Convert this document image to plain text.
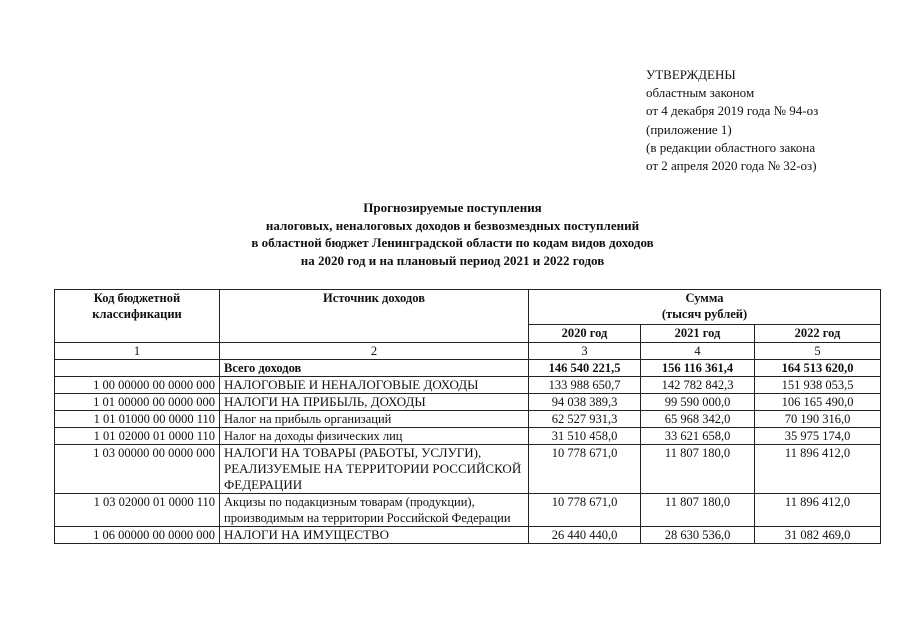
УТВЕРЖДЕНЫ
областным законом
от 4 декабря 2019 года № 94-оз
(приложение 1)
(в редакции областного закона
от 2 апреля 2020 года № 32-оз)
Прогнозируемые поступления
налоговых, неналоговых доходов и безвозмездных поступлений
в областной бюджет Ленинградской области по кодам видов доходов
на 2020 год и на плановый период 2021 и 2022 годов
Код бюджетной классификации	Источник доходов	Сумма
(тысяч рублей)		

		2020 год	2021 год	2022 год
1	2	3	4	5
	Всего доходов	146 540 221,5	156 116 361,4	164 513 620,0
1 00 00000 00 0000 000	НАЛОГОВЫЕ И НЕНАЛОГОВЫЕ ДОХОДЫ	133 988 650,7	142 782 842,3	151 938 053,5
1 01 00000 00 0000 000	НАЛОГИ НА ПРИБЫЛЬ, ДОХОДЫ	94 038 389,3	99 590 000,0	106 165 490,0
1 01 01000 00 0000 110	Налог на прибыль организаций	62 527 931,3	65 968 342,0	70 190 316,0
1 01 02000 01 0000 110	Налог на доходы физических лиц	31 510 458,0	33 621 658,0	35 975 174,0
1 03 00000 00 0000 000	НАЛОГИ НА ТОВАРЫ (РАБОТЫ, УСЛУГИ), РЕАЛИЗУЕМЫЕ НА ТЕРРИТОРИИ РОССИЙСКОЙ ФЕДЕРАЦИИ	10 778 671,0	11 807 180,0	11 896 412,0
1 03 02000 01 0000 110	Акцизы по подакцизным товарам (продукции), производимым на территории Российской Федерации	10 778 671,0	11 807 180,0	11 896 412,0
1 06 00000 00 0000 000	НАЛОГИ НА ИМУЩЕСТВО	26 440 440,0	28 630 536,0	31 082 469,0
